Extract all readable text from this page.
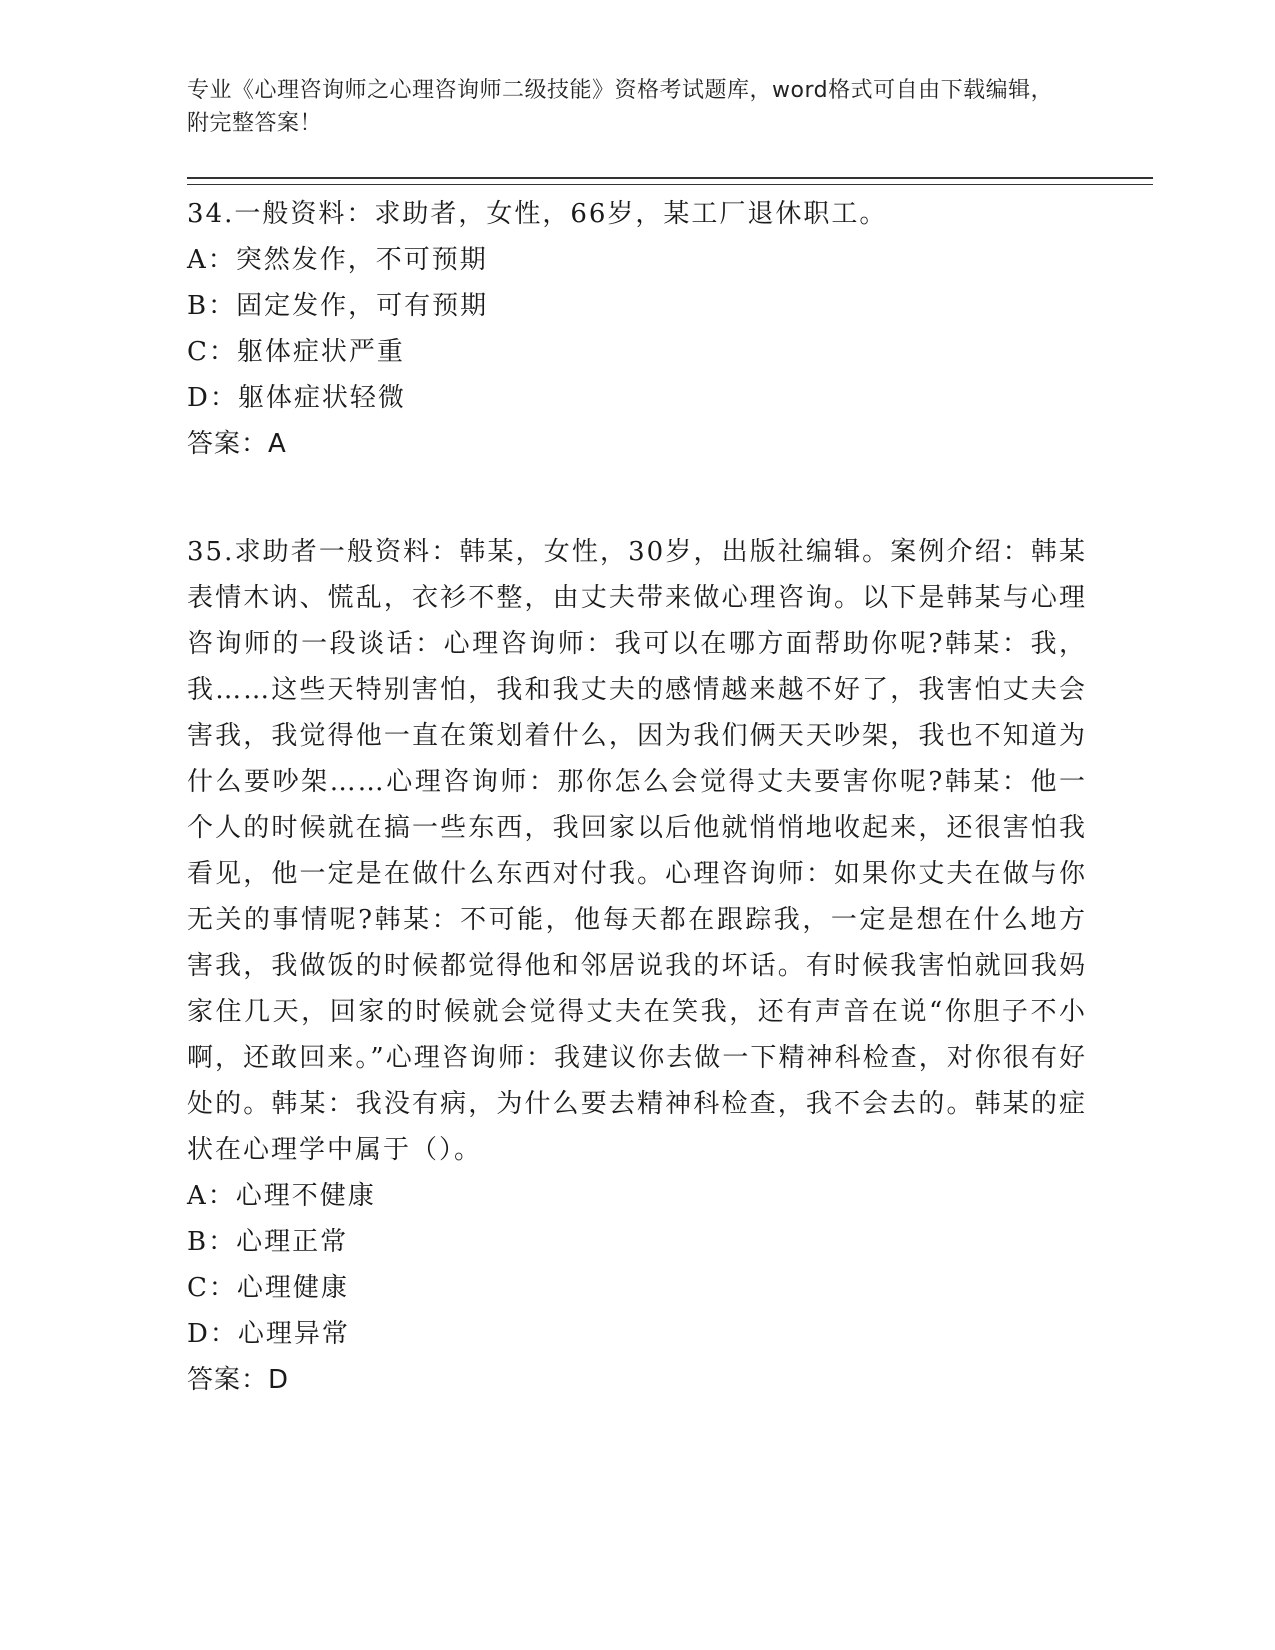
专业《心理咨询师之心理咨询师二级技能》资格考试题库，word格式可自由下载编辑，附完整答案！

34.一般资料：求助者，女性，66岁，某工厂退休职工。

A：突然发作，不可预期

B：固定发作，可有预期

C：躯体症状严重

D：躯体症状轻微

答案：A

35.求助者一般资料：韩某，女性，30岁，出版社编辑。案例介绍：韩某表情木讷、慌乱，衣衫不整，由丈夫带来做心理咨询。以下是韩某与心理咨询师的一段谈话：心理咨询师：我可以在哪方面帮助你呢?韩某：我，我……这些天特别害怕，我和我丈夫的感情越来越不好了，我害怕丈夫会害我，我觉得他一直在策划着什么，因为我们俩天天吵架，我也不知道为什么要吵架……心理咨询师：那你怎么会觉得丈夫要害你呢?韩某：他一个人的时候就在搞一些东西，我回家以后他就悄悄地收起来，还很害怕我看见，他一定是在做什么东西对付我。心理咨询师：如果你丈夫在做与你无关的事情呢?韩某：不可能，他每天都在跟踪我，一定是想在什么地方害我，我做饭的时候都觉得他和邻居说我的坏话。有时候我害怕就回我妈家住几天，回家的时候就会觉得丈夫在笑我，还有声音在说“你胆子不小啊，还敢回来。”心理咨询师：我建议你去做一下精神科检查，对你很有好处的。韩某：我没有病，为什么要去精神科检查，我不会去的。韩某的症状在心理学中属于（）。

A：心理不健康

B：心理正常

C：心理健康

D：心理异常

答案：D
